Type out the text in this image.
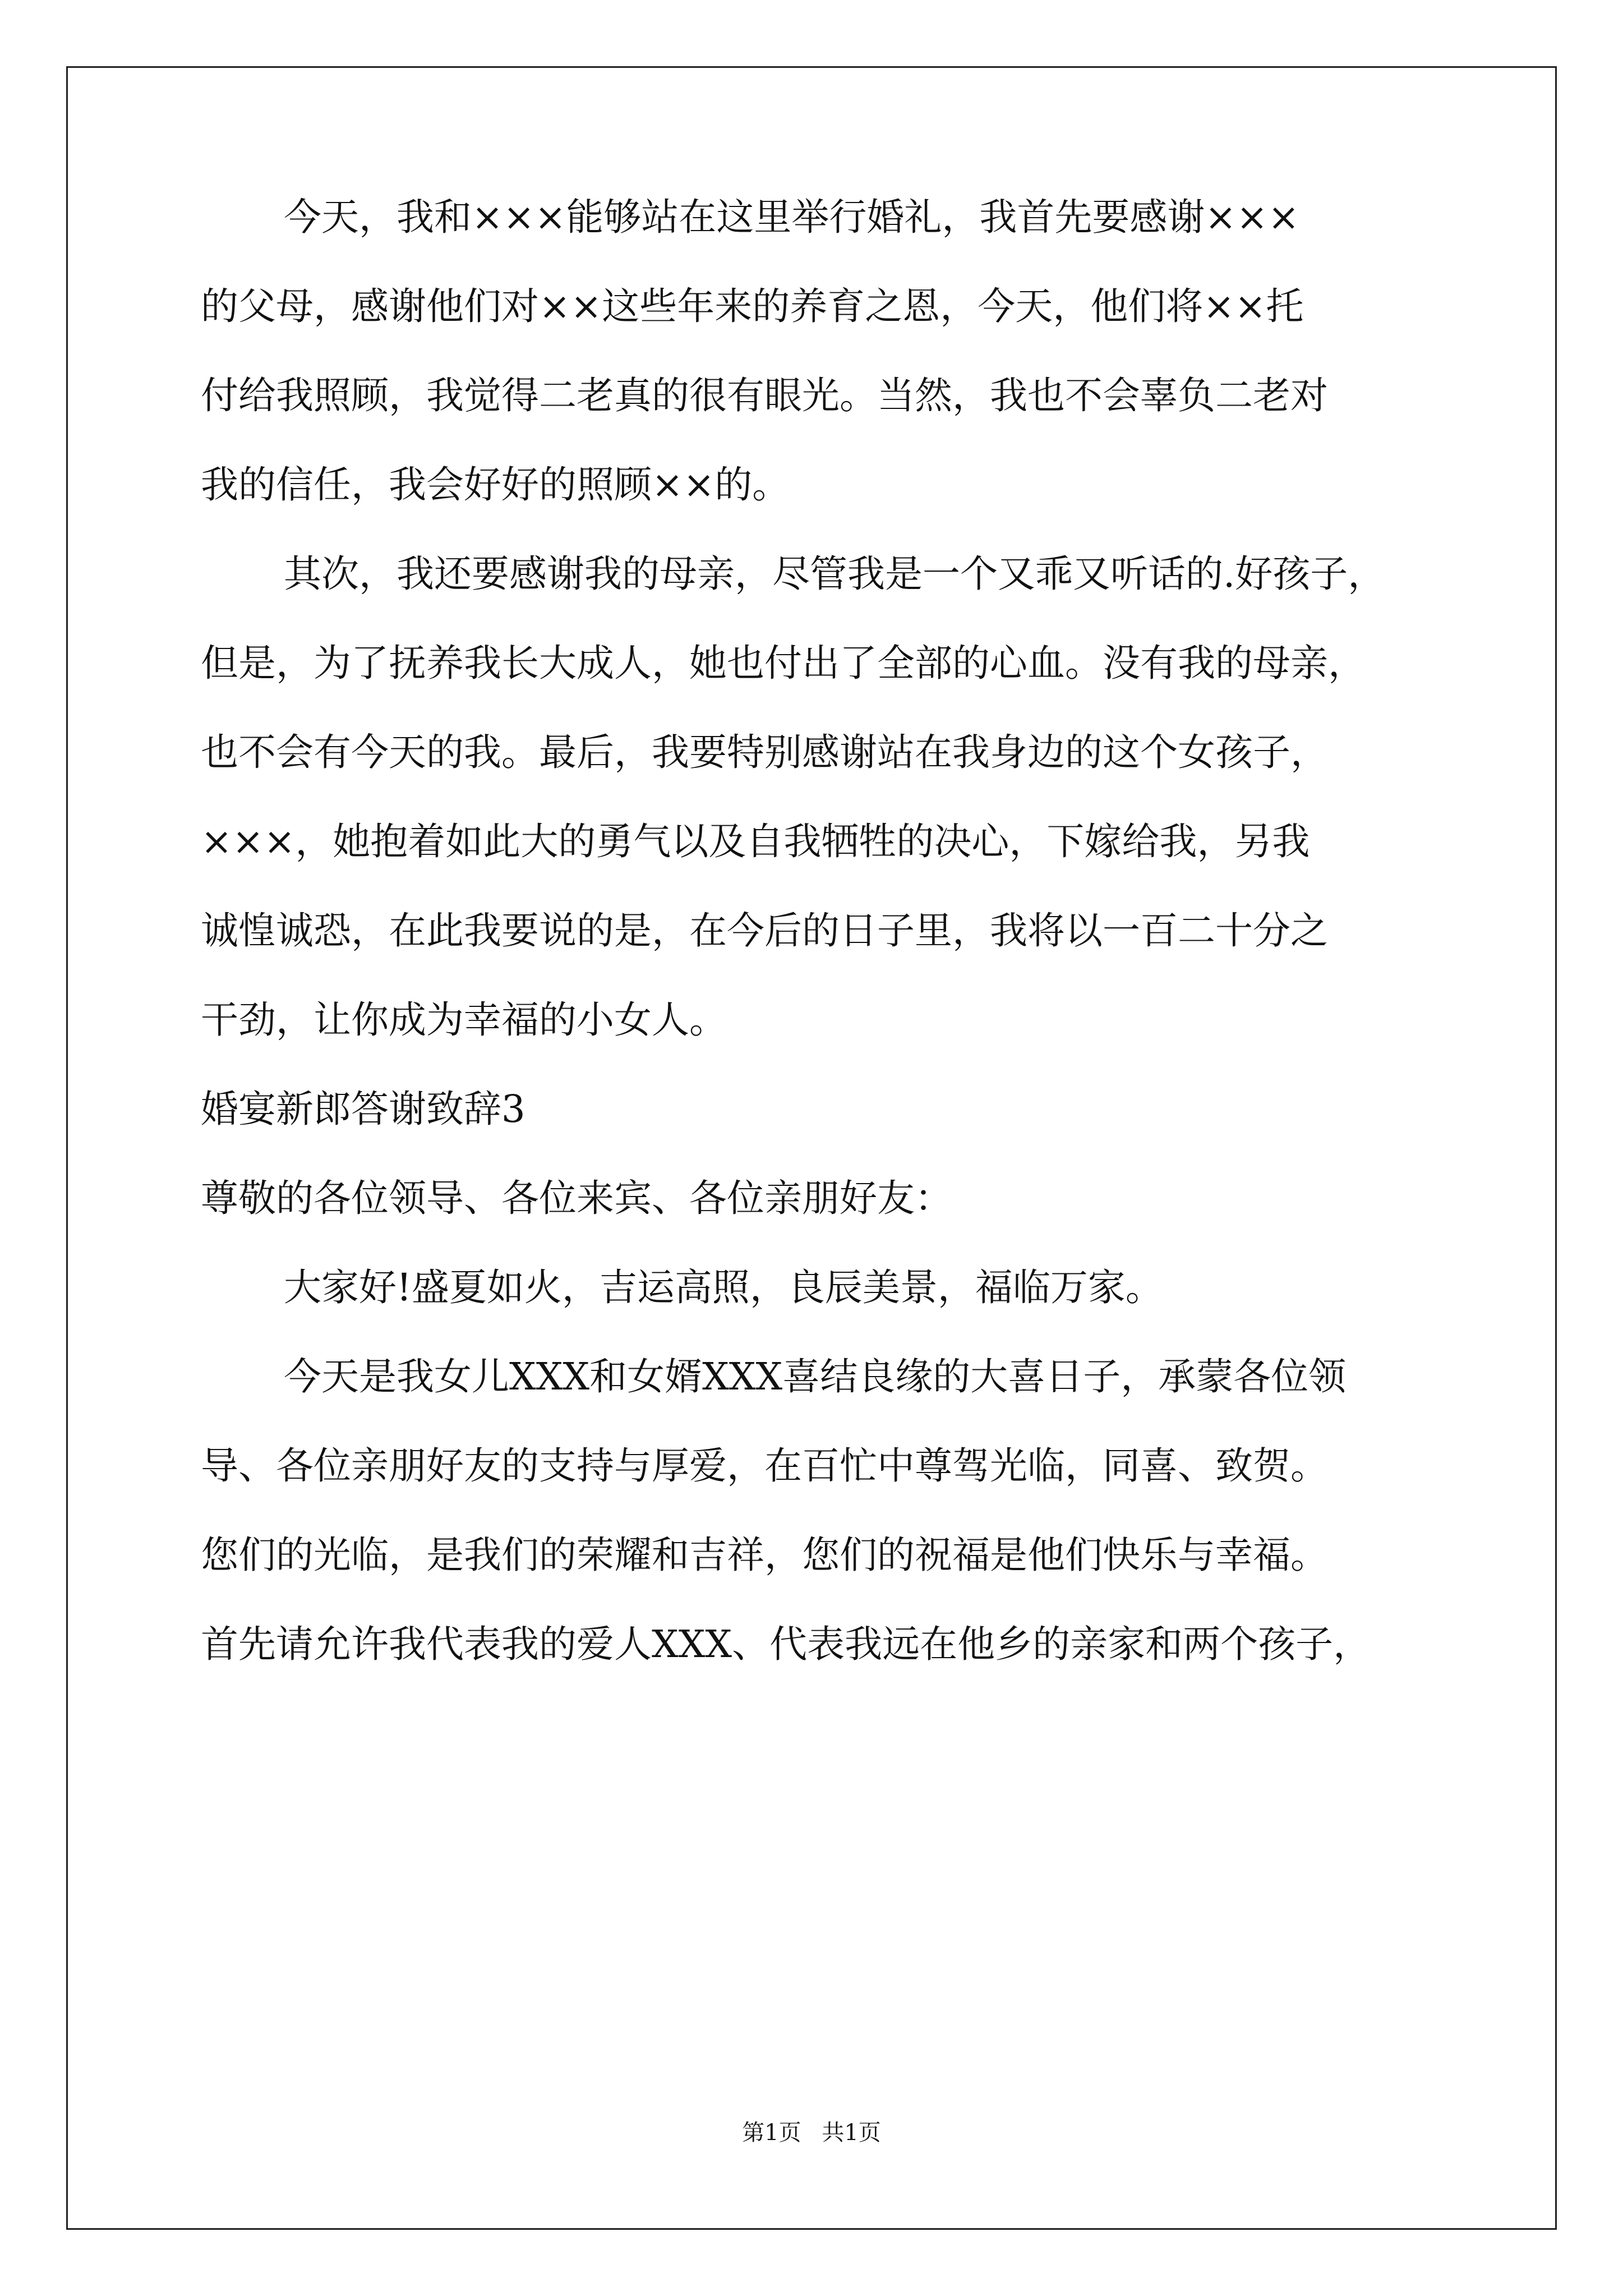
今天，我和×××能够站在这里举行婚礼，我首先要感谢×××
的父母，感谢他们对××这些年来的养育之恩，今天，他们将××托
付给我照顾，我觉得二老真的很有眼光。当然，我也不会辜负二老对
我的信任，我会好好的照顾××的。
其次，我还要感谢我的母亲，尽管我是一个又乖又听话的.好孩子，
但是，为了抚养我长大成人，她也付出了全部的心血。没有我的母亲，
也不会有今天的我。最后，我要特别感谢站在我身边的这个女孩子，
×××，她抱着如此大的勇气以及自我牺牲的决心，下嫁给我，另我
诚惶诚恐，在此我要说的是，在今后的日子里，我将以一百二十分之
干劲，让你成为幸福的小女人。
婚宴新郎答谢致辞3
尊敬的各位领导、各位来宾、各位亲朋好友：
大家好!盛夏如火，吉运高照，良辰美景，福临万家。
今天是我女儿XXX和女婿XXX喜结良缘的大喜日子，承蒙各位领
导、各位亲朋好友的支持与厚爱，在百忙中尊驾光临，同喜、致贺。
您们的光临，是我们的荣耀和吉祥，您们的祝福是他们快乐与幸福。
首先请允许我代表我的爱人XXX、代表我远在他乡的亲家和两个孩子，
第1页 共1页
